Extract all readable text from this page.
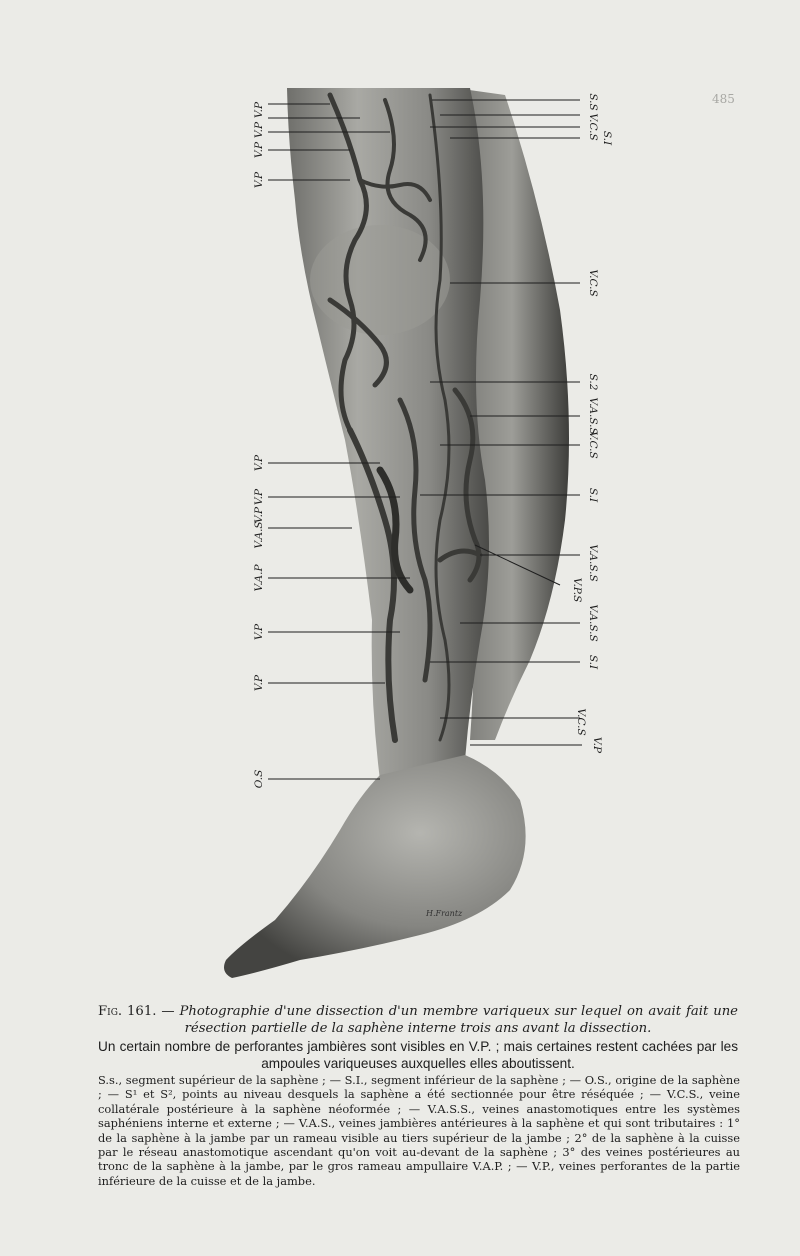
485
V.P
V.P
V.P
V.P
V.P
V.P
V.P
V.A.S
V.A.P
V.P
V.P
O.S
S.S
V.C.S S.I
V.C.S
S.2
V.A.S.S
V.C.S
S.I
V.A.S.S
V.P.S
V.A.S.S
S.I
V.C.S
V.P
H.Frantz
Fig. 161. — Photographie d'une dissection d'un membre variqueux sur lequel on avait fait une résection partielle de la saphène interne trois ans avant la dissection.
Un certain nombre de perforantes jambières sont visibles en V.P. ; mais certaines restent cachées par les ampoules variqueuses auxquelles elles aboutissent.
S.s., segment supérieur de la saphène ; — S.I., segment inférieur de la saphène ; — O.S., origine de la saphène ; — S¹ et S², points au niveau desquels la saphène a été sectionnée pour être réséquée ; — V.C.S., veine collatérale postérieure à la saphène néoformée ; — V.A.S.S., veines anastomotiques entre les systèmes saphéniens interne et externe ; — V.A.S., veines jambières antérieures à la saphène et qui sont tributaires : 1° de la saphène à la jambe par un rameau visible au tiers supérieur de la jambe ; 2° de la saphène à la cuisse par le réseau anastomotique ascendant qu'on voit au-devant de la saphène ; 3° des veines postérieures au tronc de la saphène à la jambe, par le gros rameau ampullaire V.A.P. ; — V.P., veines perforantes de la partie inférieure de la cuisse et de la jambe.
